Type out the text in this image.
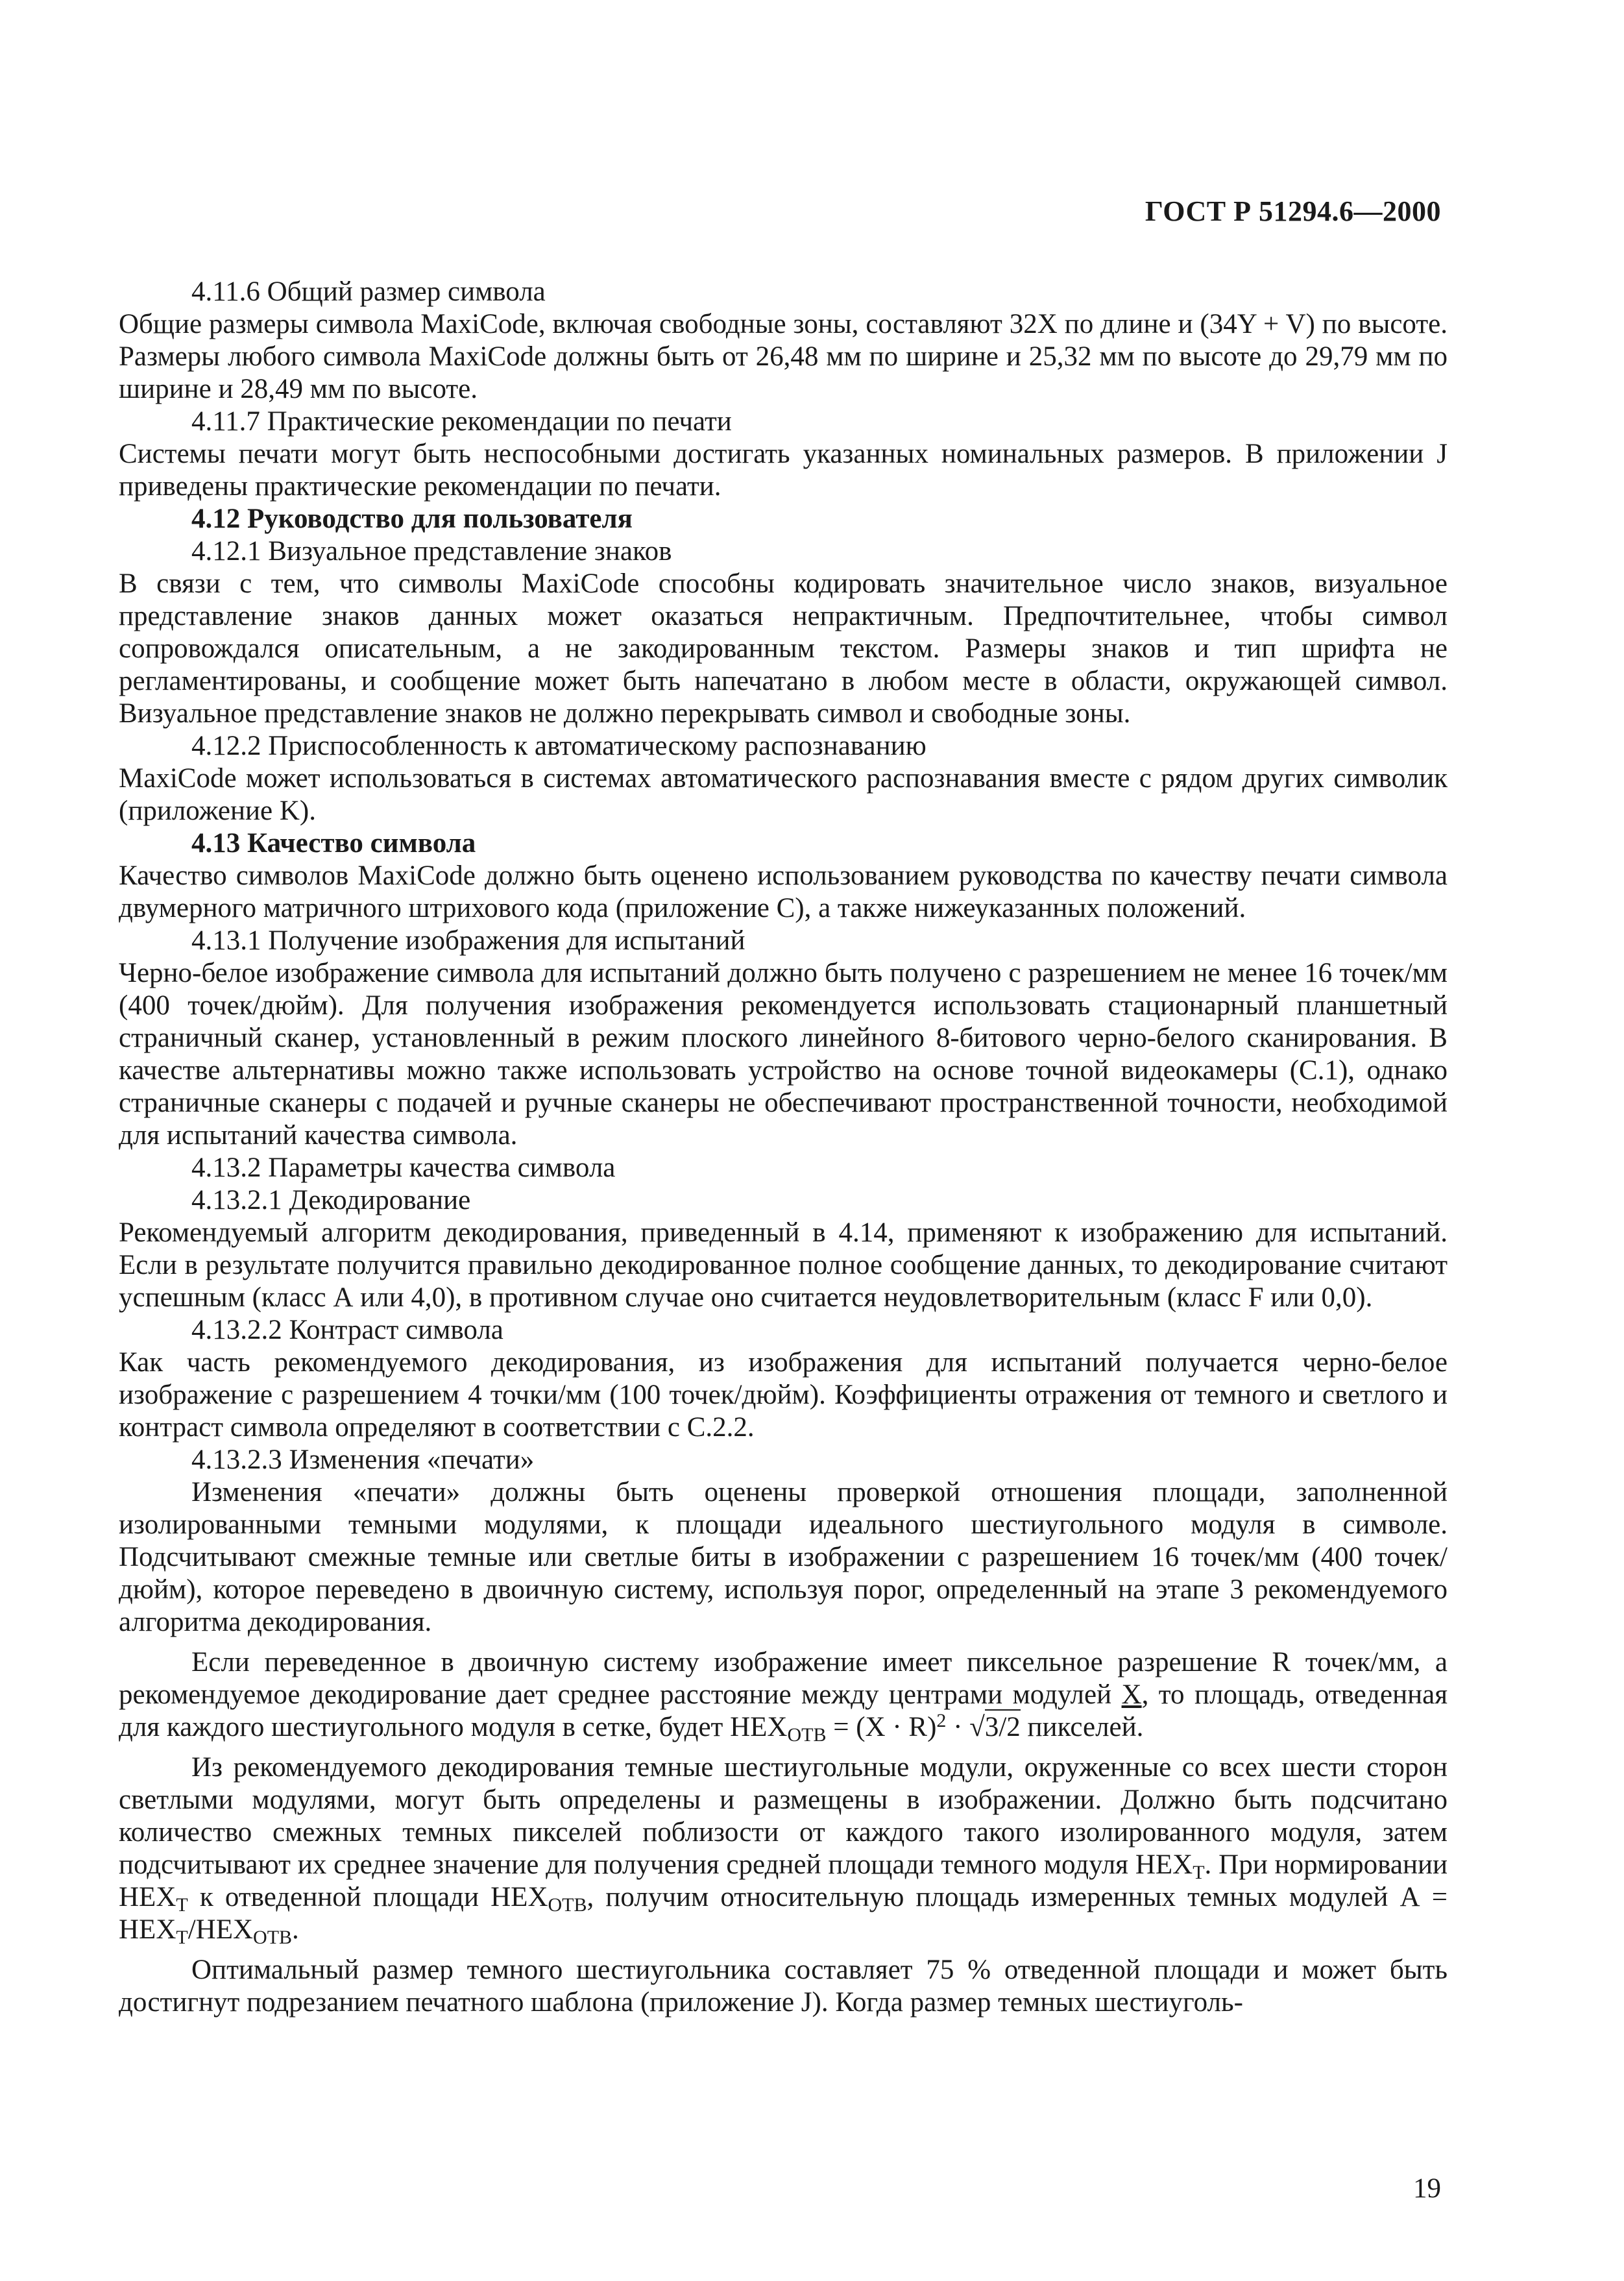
ГОСТ Р 51294.6—2000

4.11.6 Общий размер символа

Общие размеры символа MaxiCode, включая свободные зоны, составляют 32X по длине и (34Y + V) по высоте. Размеры любого символа MaxiCode должны быть от 26,48 мм по ширине и 25,32 мм по высоте до 29,79 мм по ширине и 28,49 мм по высоте.

4.11.7 Практические рекомендации по печати

Системы печати могут быть неспособными достигать указанных номинальных размеров. В приложении J приведены практические рекомендации по печати.

4.12 Руководство для пользователя

4.12.1 Визуальное представление знаков

В связи с тем, что символы MaxiCode способны кодировать значительное число знаков, визуальное представление знаков данных может оказаться непрактичным. Предпочтительнее, чтобы символ сопровождался описательным, а не закодированным текстом. Размеры знаков и тип шрифта не регламентированы, и сообщение может быть напечатано в любом месте в области, окружающей символ. Визуальное представление знаков не должно перекрывать символ и свободные зоны.

4.12.2 Приспособленность к автоматическому распознаванию

MaxiCode может использоваться в системах автоматического распознавания вместе с рядом других символик (приложение K).

4.13 Качество символа

Качество символов MaxiCode должно быть оценено использованием руководства по качеству печати символа двумерного матричного штрихового кода (приложение С), а также нижеуказанных положений.

4.13.1 Получение изображения для испытаний

Черно-белое изображение символа для испытаний должно быть получено с разрешением не менее 16 точек/мм (400 точек/дюйм). Для получения изображения рекомендуется использовать стационарный планшетный страничный сканер, установленный в режим плоского линейного 8-битового черно-белого сканирования. В качестве альтернативы можно также использовать устройство на основе точной видеокамеры (С.1), однако страничные сканеры с подачей и ручные сканеры не обеспечивают пространственной точности, необходимой для испытаний качества символа.

4.13.2 Параметры качества символа

4.13.2.1 Декодирование

Рекомендуемый алгоритм декодирования, приведенный в 4.14, применяют к изображению для испытаний. Если в результате получится правильно декодированное полное сообщение данных, то декодирование считают успешным (класс А или 4,0), в противном случае оно считается неудовлетворительным (класс F или 0,0).

4.13.2.2 Контраст символа

Как часть рекомендуемого декодирования, из изображения для испытаний получается черно-белое изображение с разрешением 4 точки/мм (100 точек/дюйм). Коэффициенты отражения от темного и светлого и контраст символа определяют в соответствии с С.2.2.

4.13.2.3 Изменения «печати»

Изменения «печати» должны быть оценены проверкой отношения площади, заполненной изолированными темными модулями, к площади идеального шестиугольного модуля в символе. Подсчитывают смежные темные или светлые биты в изображении с разрешением 16 точек/мм (400 точек/дюйм), которое переведено в двоичную систему, используя порог, определенный на этапе 3 рекомендуемого алгоритма декодирования.

Если переведенное в двоичную систему изображение имеет пиксельное разрешение R точек/мм, а рекомендуемое декодирование дает среднее расстояние между центрами модулей X, то площадь, отведенная для каждого шестиугольного модуля в сетке, будет $HEX_{ОТВ} = (X \cdot R)^2 \cdot √3/2$ пикселей.

Из рекомендуемого декодирования темные шестиугольные модули, окруженные со всех шести сторон светлыми модулями, могут быть определены и размещены в изображении. Должно быть подсчитано количество смежных темных пикселей поблизости от каждого такого изолированного модуля, затем подсчитывают их среднее значение для получения средней площади темного модуля $HEX_Т$. При нормировании $HEX_Т$ к отведенной площади $HEX_{ОТВ}$, получим относительную площадь измеренных темных модулей $А = HEX_Т/HEX_{ОТВ}$.

Оптимальный размер темного шестиугольника составляет 75 % отведенной площади и может быть достигнут подрезанием печатного шаблона (приложение J). Когда размер темных шестиуголь-

19
